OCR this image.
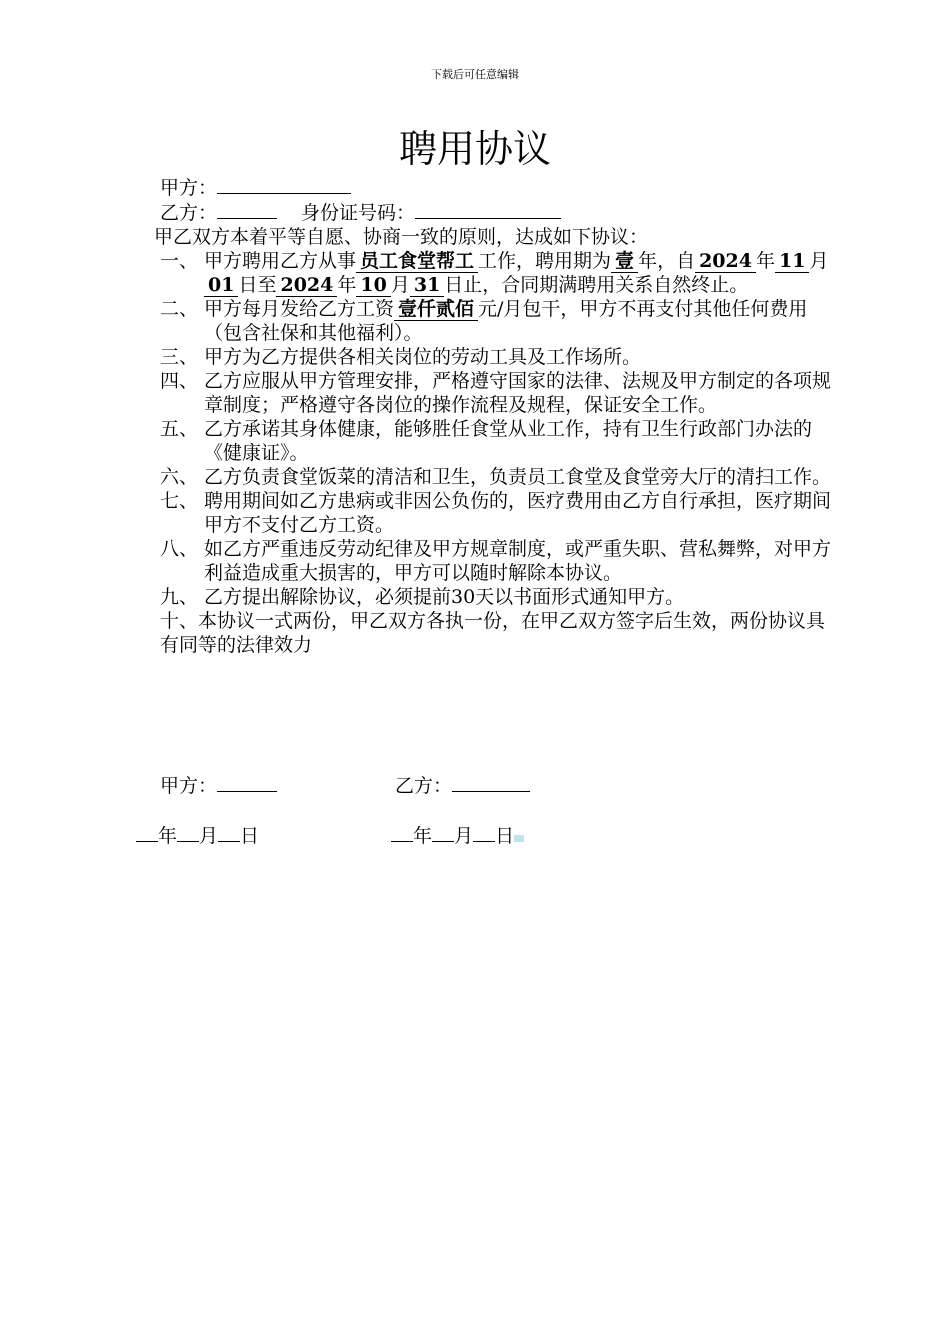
下载后可任意编辑
聘用协议
甲方：
乙方：	身份证号码：
甲乙双方本着平等自愿、协商一致的原则，达成如下协议：
一、 甲方聘用乙方从事 员工食堂帮工 工作，聘用期为 壹 年，自 2024 年 11 月01 日至 2024 年 10 月 31 日止，合同期满聘用关系自然终止。
二、 甲方每月发给乙方工资 壹仟贰佰 元/月包干，甲方不再支付其他任何费用（包含社保和其他福利）。
三、 甲方为乙方提供各相关岗位的劳动工具及工作场所。
四、 乙方应服从甲方管理安排，严格遵守国家的法律、法规及甲方制定的各项规章制度；严格遵守各岗位的操作流程及规程，保证安全工作。
五、 乙方承诺其身体健康，能够胜任食堂从业工作，持有卫生行政部门办法的《健康证》。
六、 乙方负责食堂饭菜的清洁和卫生，负责员工食堂及食堂旁大厅的清扫工作。
七、 聘用期间如乙方患病或非因公负伤的，医疗费用由乙方自行承担，医疗期间甲方不支付乙方工资。
八、 如乙方严重违反劳动纪律及甲方规章制度，或严重失职、营私舞弊，对甲方利益造成重大损害的，甲方可以随时解除本协议。
九、 乙方提出解除协议，必须提前30天以书面形式通知甲方。
十、本协议一式两份，甲乙双方各执一份，在甲乙双方签字后生效，两份协议具有同等的法律效力
甲方：	乙方：
年 月 日	年 月 日
